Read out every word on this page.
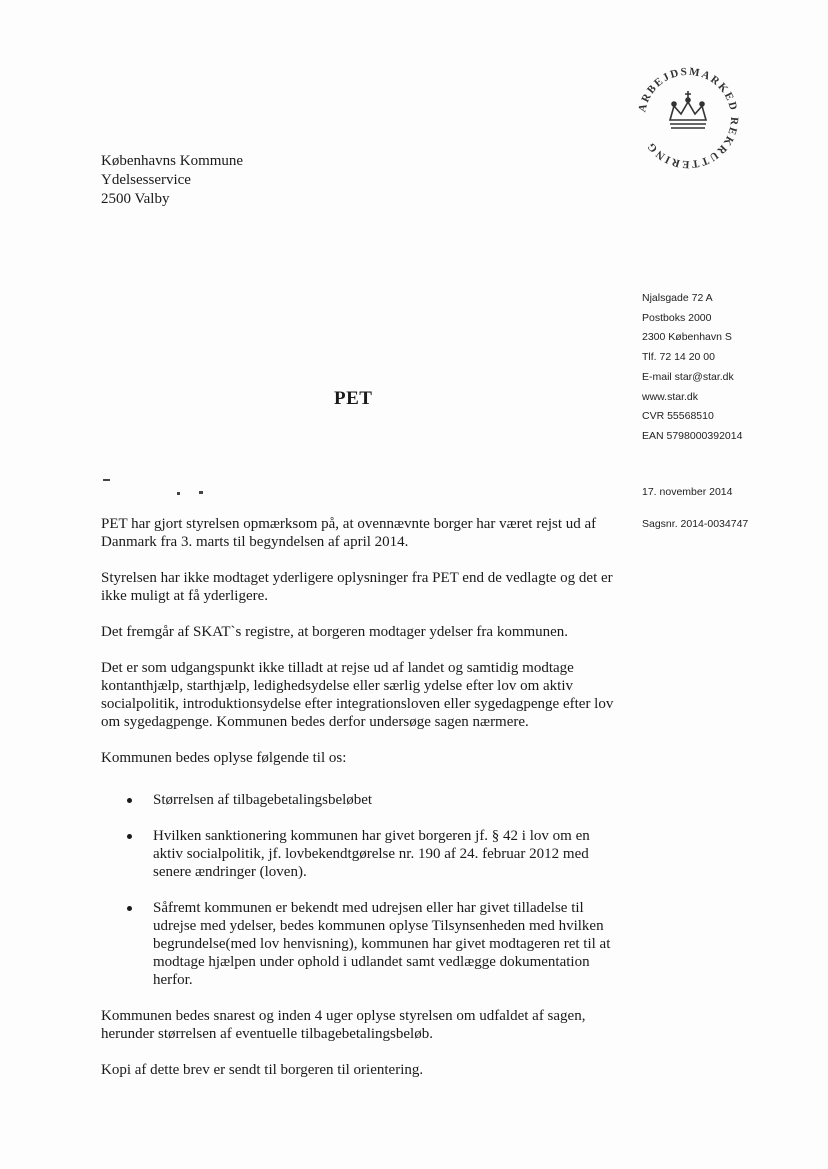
ARBEJDSMARKED REKRUTTERING
Københavns Kommune
Ydelsesservice
2500 Valby
Njalsgade 72 A
Postboks 2000
2300 København S
Tlf. 72 14 20 00
E-mail star@star.dk
www.star.dk
CVR 55568510
EAN 5798000392014
PET
17. november 2014
Sagsnr. 2014-0034747

PET har gjort styrelsen opmærksom på, at ovennævnte borger har været rejst ud af Danmark fra 3. marts til begyndelsen af april 2014.

Styrelsen har ikke modtaget yderligere oplysninger fra PET end de vedlagte og det er ikke muligt at få yderligere.

Det fremgår af SKAT`s registre, at borgeren modtager ydelser fra kommunen.

Det er som udgangspunkt ikke tilladt at rejse ud af landet og samtidig modtage kontanthjælp, starthjælp, ledighedsydelse eller særlig ydelse efter lov om aktiv socialpolitik, introduktionsydelse efter integrationsloven eller sygedagpenge efter lov om sygedagpenge. Kommunen bedes derfor undersøge sagen nærmere.

Kommunen bedes oplyse følgende til os:

Størrelsen af tilbagebetalingsbeløbet
Hvilken sanktionering kommunen har givet borgeren jf. § 42 i lov om en aktiv socialpolitik, jf. lovbekendtgørelse nr. 190 af 24. februar 2012 med senere ændringer (loven).
Såfremt kommunen er bekendt med udrejsen eller har givet tilladelse til udrejse med ydelser, bedes kommunen oplyse Tilsynsenheden med hvilken begrundelse(med lov henvisning), kommunen har givet modtageren ret til at modtage hjælpen under ophold i udlandet samt vedlægge dokumentation herfor.

Kommunen bedes snarest og inden 4 uger oplyse styrelsen om udfaldet af sagen, herunder størrelsen af eventuelle tilbagebetalingsbeløb.

Kopi af dette brev er sendt til borgeren til orientering.
